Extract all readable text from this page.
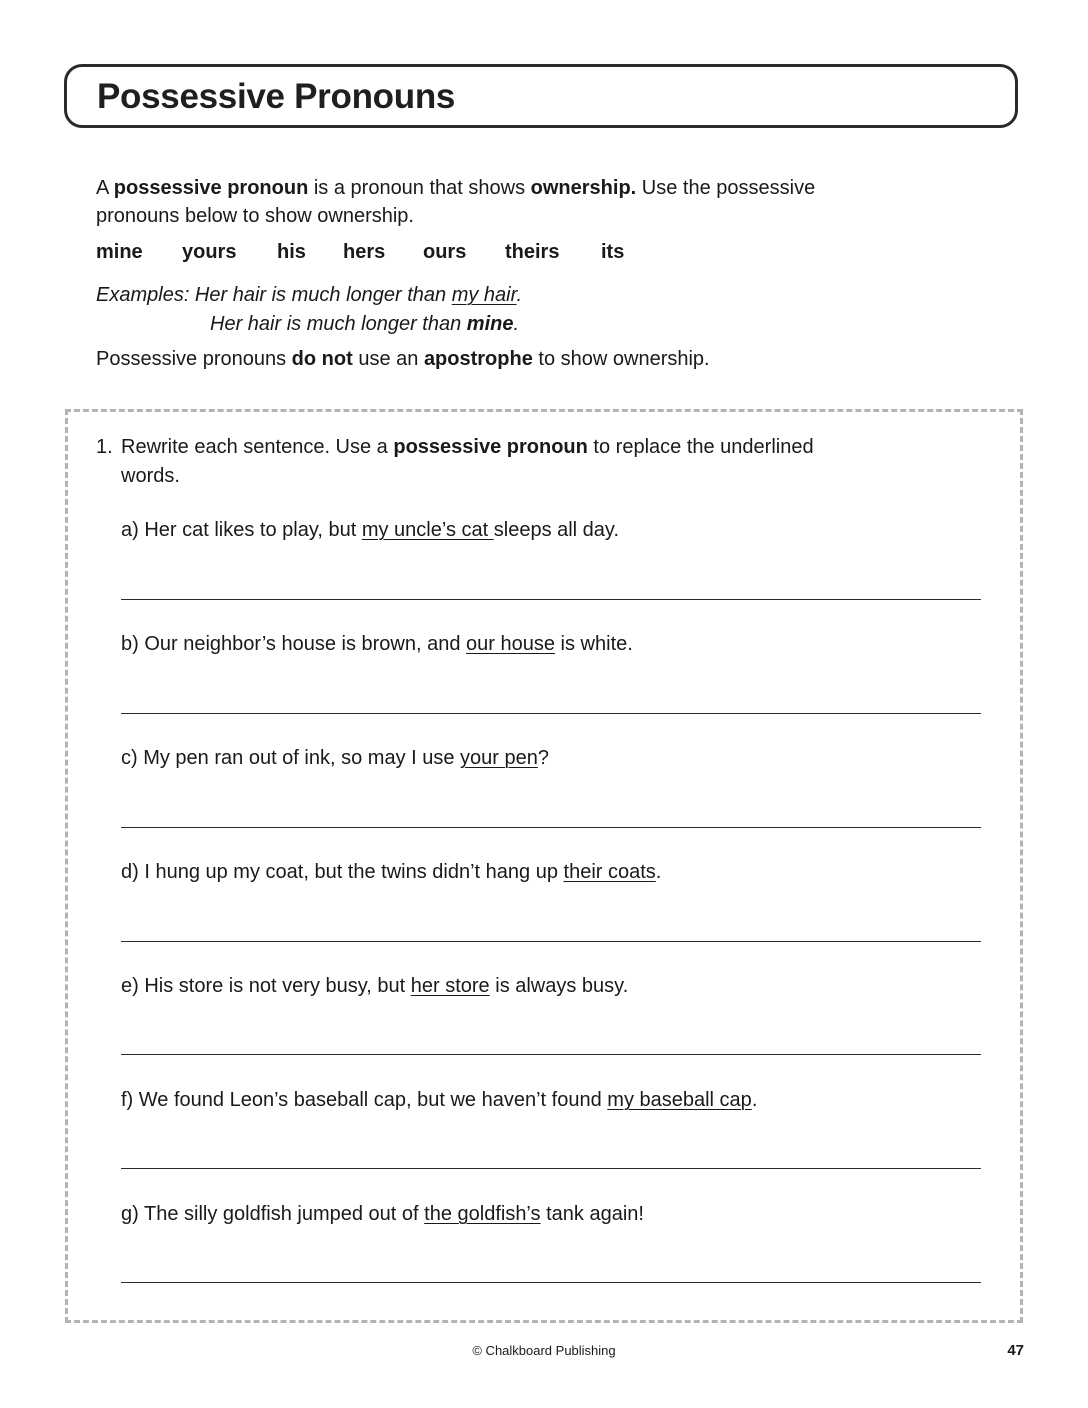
Possessive Pronouns

A possessive pronoun is a pronoun that shows ownership. Use the possessive

pronouns below to show ownership.

mine yours his hers ours theirs its
Examples: Her hair is much longer than my hair.
Her hair is much longer than mine.
Possessive pronouns do not use an apostrophe to show ownership.
1. Rewrite each sentence. Use a possessive pronoun to replace the underlined
words.

a) Her cat likes to play, but my uncle’s cat sleeps all day.

b) Our neighbor’s house is brown, and our house is white.

c) My pen ran out of ink, so may I use your pen?

d) I hung up my coat, but the twins didn’t hang up their coats.

e) His store is not very busy, but her store is always busy.

f) We found Leon’s baseball cap, but we haven’t found my baseball cap.

g) The silly goldfish jumped out of the goldfish’s tank again!

© Chalkboard Publishing	47
